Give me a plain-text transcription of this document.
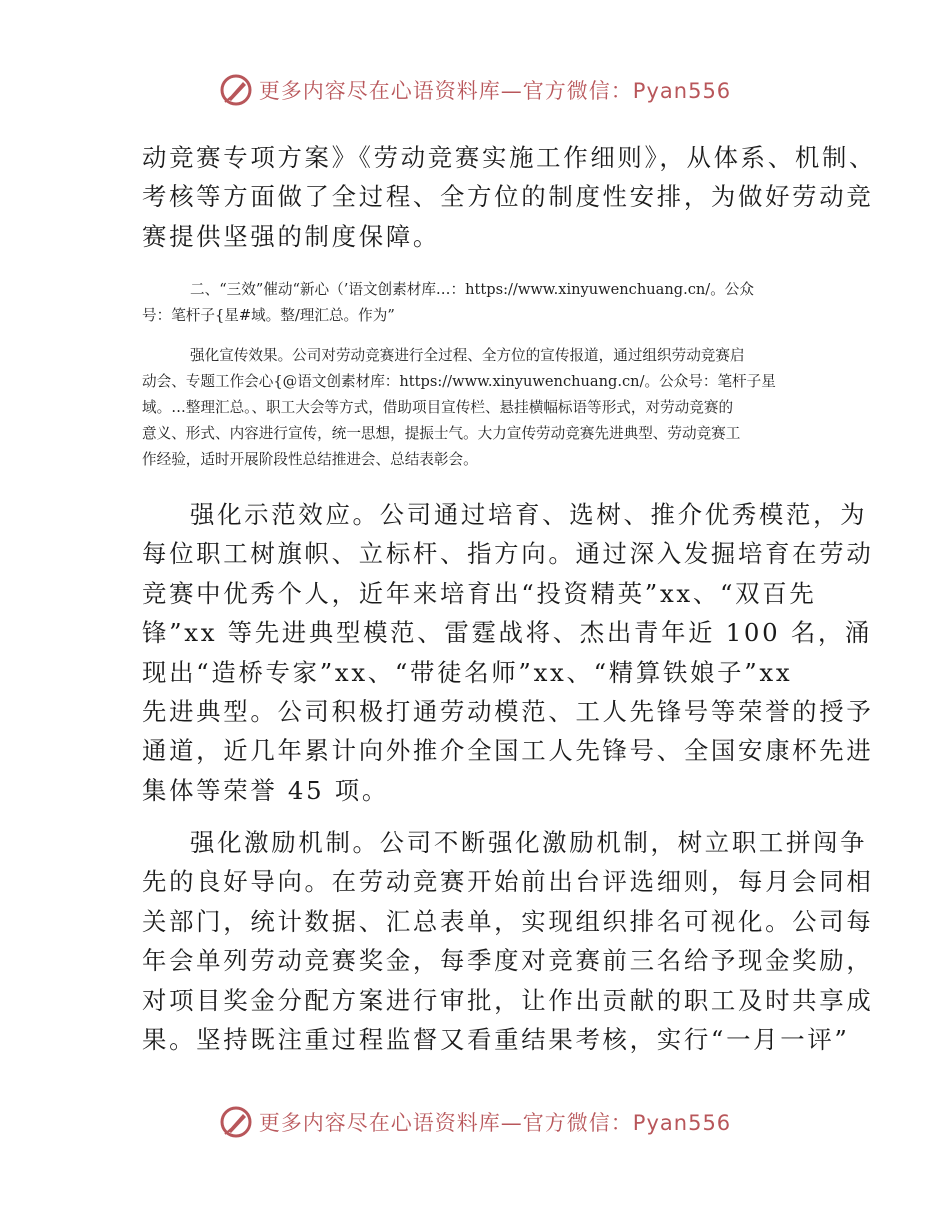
更多内容尽在心语资料库—官方微信：Pyan556
动竞赛专项方案》《劳动竞赛实施工作细则》，从体系、机制、
考核等方面做了全过程、全方位的制度性安排，为做好劳动竞
赛提供坚强的制度保障。
二、“三效”催动“新心（’语文创素材库…：https://www.xinyuwenchuang.cn/。公众
号：笔杆子{星#域。整/理汇总。作为”
强化宣传效果。公司对劳动竞赛进行全过程、全方位的宣传报道，通过组织劳动竞赛启
动会、专题工作会心{@语文创素材库：https://www.xinyuwenchuang.cn/。公众号：笔杆子星
域。…整理汇总。、职工大会等方式，借助项目宣传栏、悬挂横幅标语等形式，对劳动竞赛的
意义、形式、内容进行宣传，统一思想，提振士气。大力宣传劳动竞赛先进典型、劳动竞赛工
作经验，适时开展阶段性总结推进会、总结表彰会。
强化示范效应。公司通过培育、选树、推介优秀模范，为
每位职工树旗帜、立标杆、指方向。通过深入发掘培育在劳动
竞赛中优秀个人，近年来培育出“投资精英”xx、“双百先
锋”xx 等先进典型模范、雷霆战将、杰出青年近 100 名，涌
现出“造桥专家”xx、“带徒名师”xx、“精算铁娘子”xx
先进典型。公司积极打通劳动模范、工人先锋号等荣誉的授予
通道，近几年累计向外推介全国工人先锋号、全国安康杯先进
集体等荣誉 45 项。
强化激励机制。公司不断强化激励机制，树立职工拼闯争
先的良好导向。在劳动竞赛开始前出台评选细则，每月会同相
关部门，统计数据、汇总表单，实现组织排名可视化。公司每
年会单列劳动竞赛奖金，每季度对竞赛前三名给予现金奖励，
对项目奖金分配方案进行审批，让作出贡献的职工及时共享成
果。坚持既注重过程监督又看重结果考核，实行“一月一评”
更多内容尽在心语资料库—官方微信：Pyan556
